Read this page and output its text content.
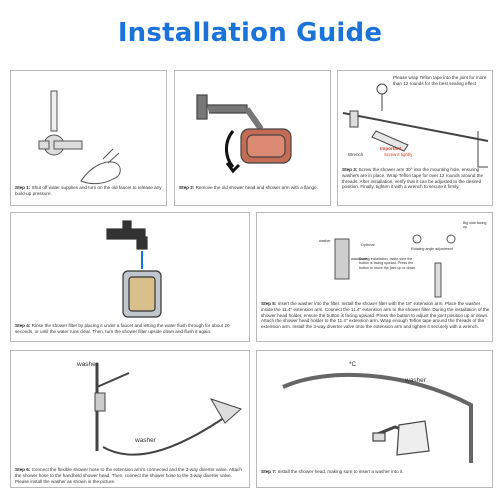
Installation Guide
Step 1: Shut off water supplies and turn on the old faucet to release any build-up pressure.
Step 2: Remove the old shower head and shower arm with a flange.
Please wrap Teflon tape into the joint for more than 12 rounds for the best sealing effect
Wrench
Important
Screw it tightly
Step 3: Screw the shower arm 30° into the mounting hole, ensuring washers are in place. Wrap Teflon tape for over 12 rounds around the threads. After installation, verify that it can be adjusted to the desired position. Finally, tighten it with a wrench to secure it firmly.
Step 4: Rinse the shower filter by placing it under a faucet and letting the water flush through for about 20 seconds, or until the water runs clear. Then, turn the shower filter upside down and flush it again.
washer
Optional
Big side facing up
Rotating angle adjustment
During installation, make sure the button is facing upward. Press the button to move the joint up or down.
Step 5: Insert the washer into the filter. Install the shower filter with the 18" extension arm. Place the washer inside the 11.4" extension arm. Connect the 11.4" extension arm to the shower filter. During the installation of the shower head holder, ensure the button is facing upward. Press the button to adjust the joint position up or down. Attach the shower head holder to the 11.4" extension arm. Wrap enough Teflon tape around the threads of the extension arm. Install the 3-way diverter valve onto the extension arm and tighten it securely with a wrench.
washer
washer
Step 6: Connect the flexible shower hose to the extension arm's connected and the 3-way diverter valve. Attach the shower hose to the handheld shower head. Then, connect the shower hose to the 3-way diverter valve. Please install the washer as shown in the picture.
*C
washer
Step 7: Install the shower head, making sure to insert a washer into it.
